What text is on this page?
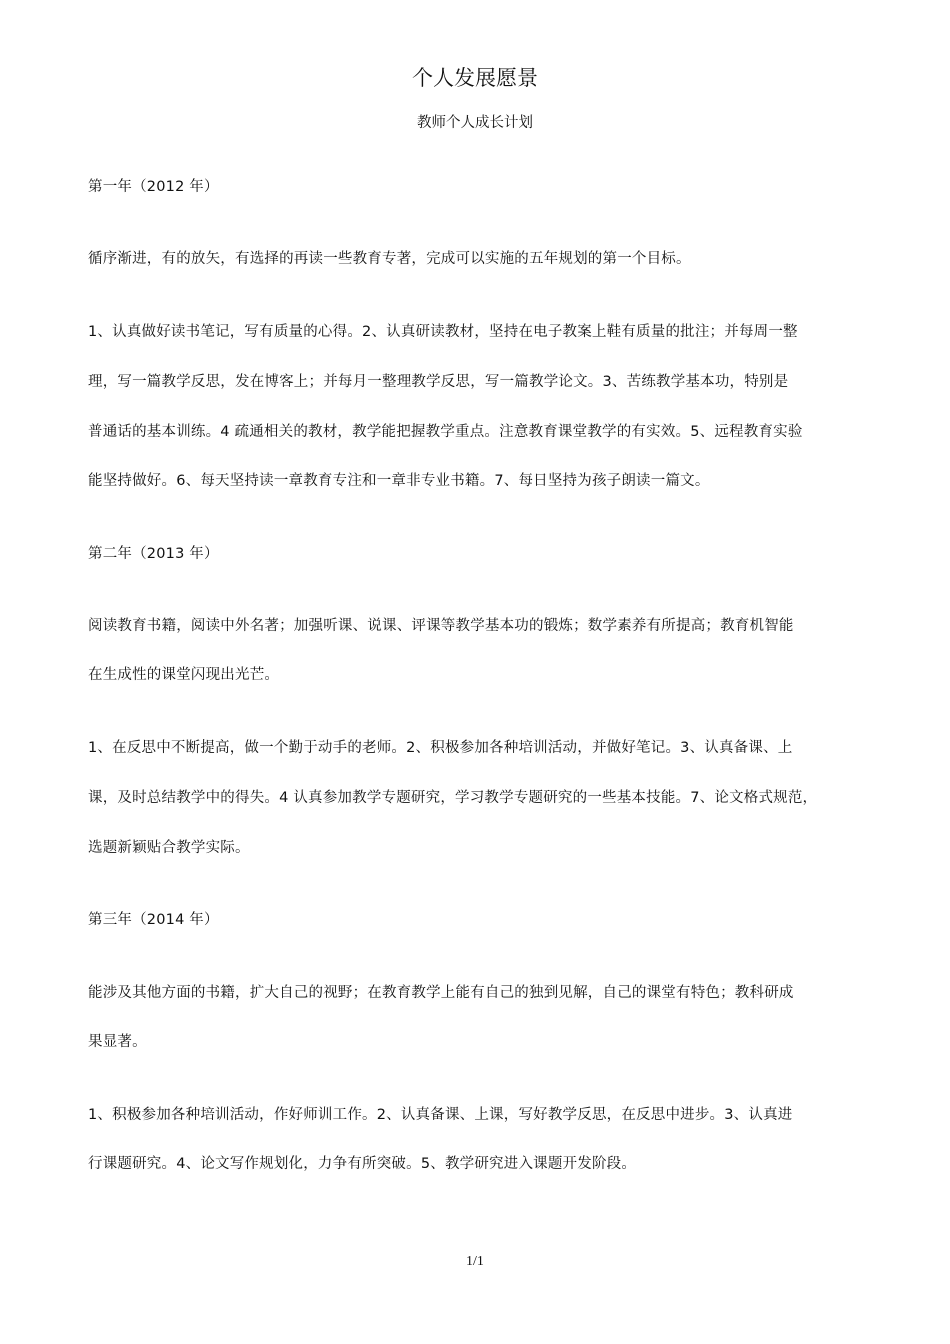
个人发展愿景

教师个人成长计划

第一年（2012 年）

循序渐进，有的放矢，有选择的再读一些教育专著，完成可以实施的五年规划的第一个目标。

1、认真做好读书笔记，写有质量的心得。2、认真研读教材，坚持在电子教案上鞋有质量的批注；并每周一整

理，写一篇教学反思，发在博客上；并每月一整理教学反思，写一篇教学论文。3、苦练教学基本功，特别是

普通话的基本训练。4 疏通相关的教材，教学能把握教学重点。注意教育课堂教学的有实效。5、远程教育实验

能坚持做好。6、每天坚持读一章教育专注和一章非专业书籍。7、每日坚持为孩子朗读一篇文。

第二年（2013 年）

阅读教育书籍，阅读中外名著；加强听课、说课、评课等教学基本功的锻炼；数学素养有所提高；教育机智能

在生成性的课堂闪现出光芒。

1、在反思中不断提高，做一个勤于动手的老师。2、积极参加各种培训活动，并做好笔记。3、认真备课、上

课，及时总结教学中的得失。4 认真参加教学专题研究，学习教学专题研究的一些基本技能。7、论文格式规范，

选题新颖贴合教学实际。

第三年（2014 年）

能涉及其他方面的书籍，扩大自己的视野；在教育教学上能有自己的独到见解，自己的课堂有特色；教科研成

果显著。

1、积极参加各种培训活动，作好师训工作。2、认真备课、上课，写好教学反思，在反思中进步。3、认真进

行课题研究。4、论文写作规划化，力争有所突破。5、教学研究进入课题开发阶段。

1/1
